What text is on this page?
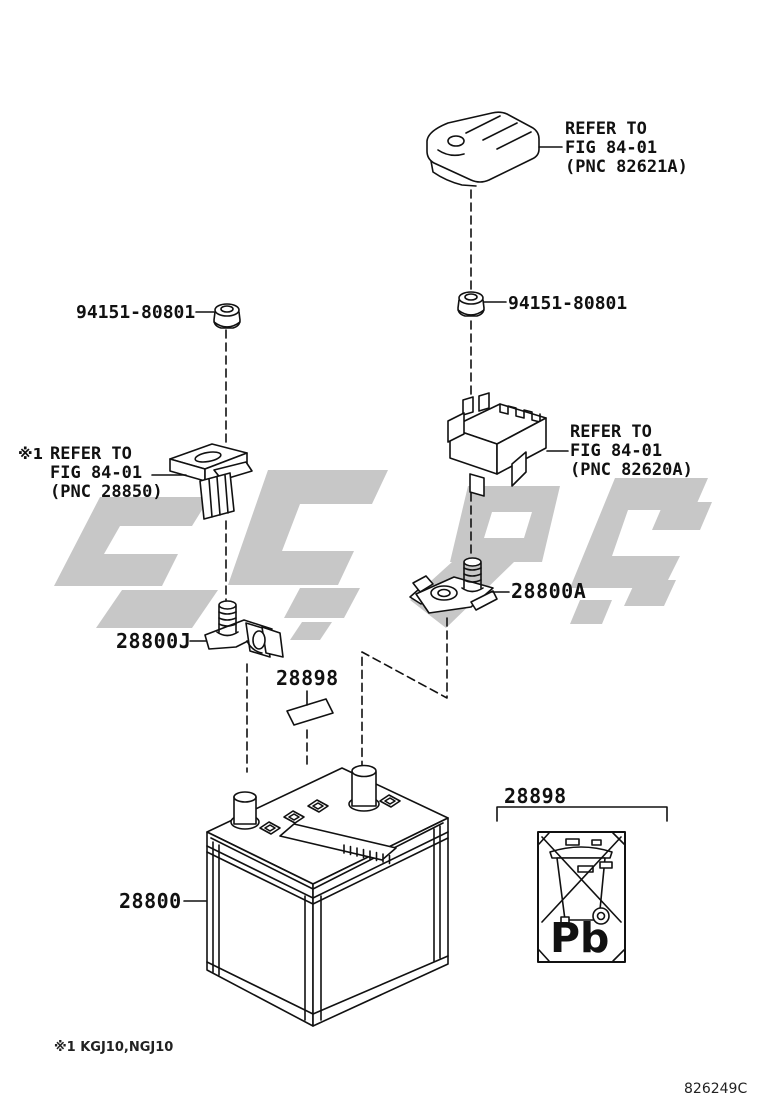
REFER TO
FIG 84-01
(PNC 82621A)
94151-80801
94151-80801
※1 REFER TO
FIG 84-01
(PNC 28850)
REFER TO
FIG 84-01
(PNC 82620A)
28800A
28800J
28898
28800
28898
Pb
※1 KGJ10,NGJ10
826249C
